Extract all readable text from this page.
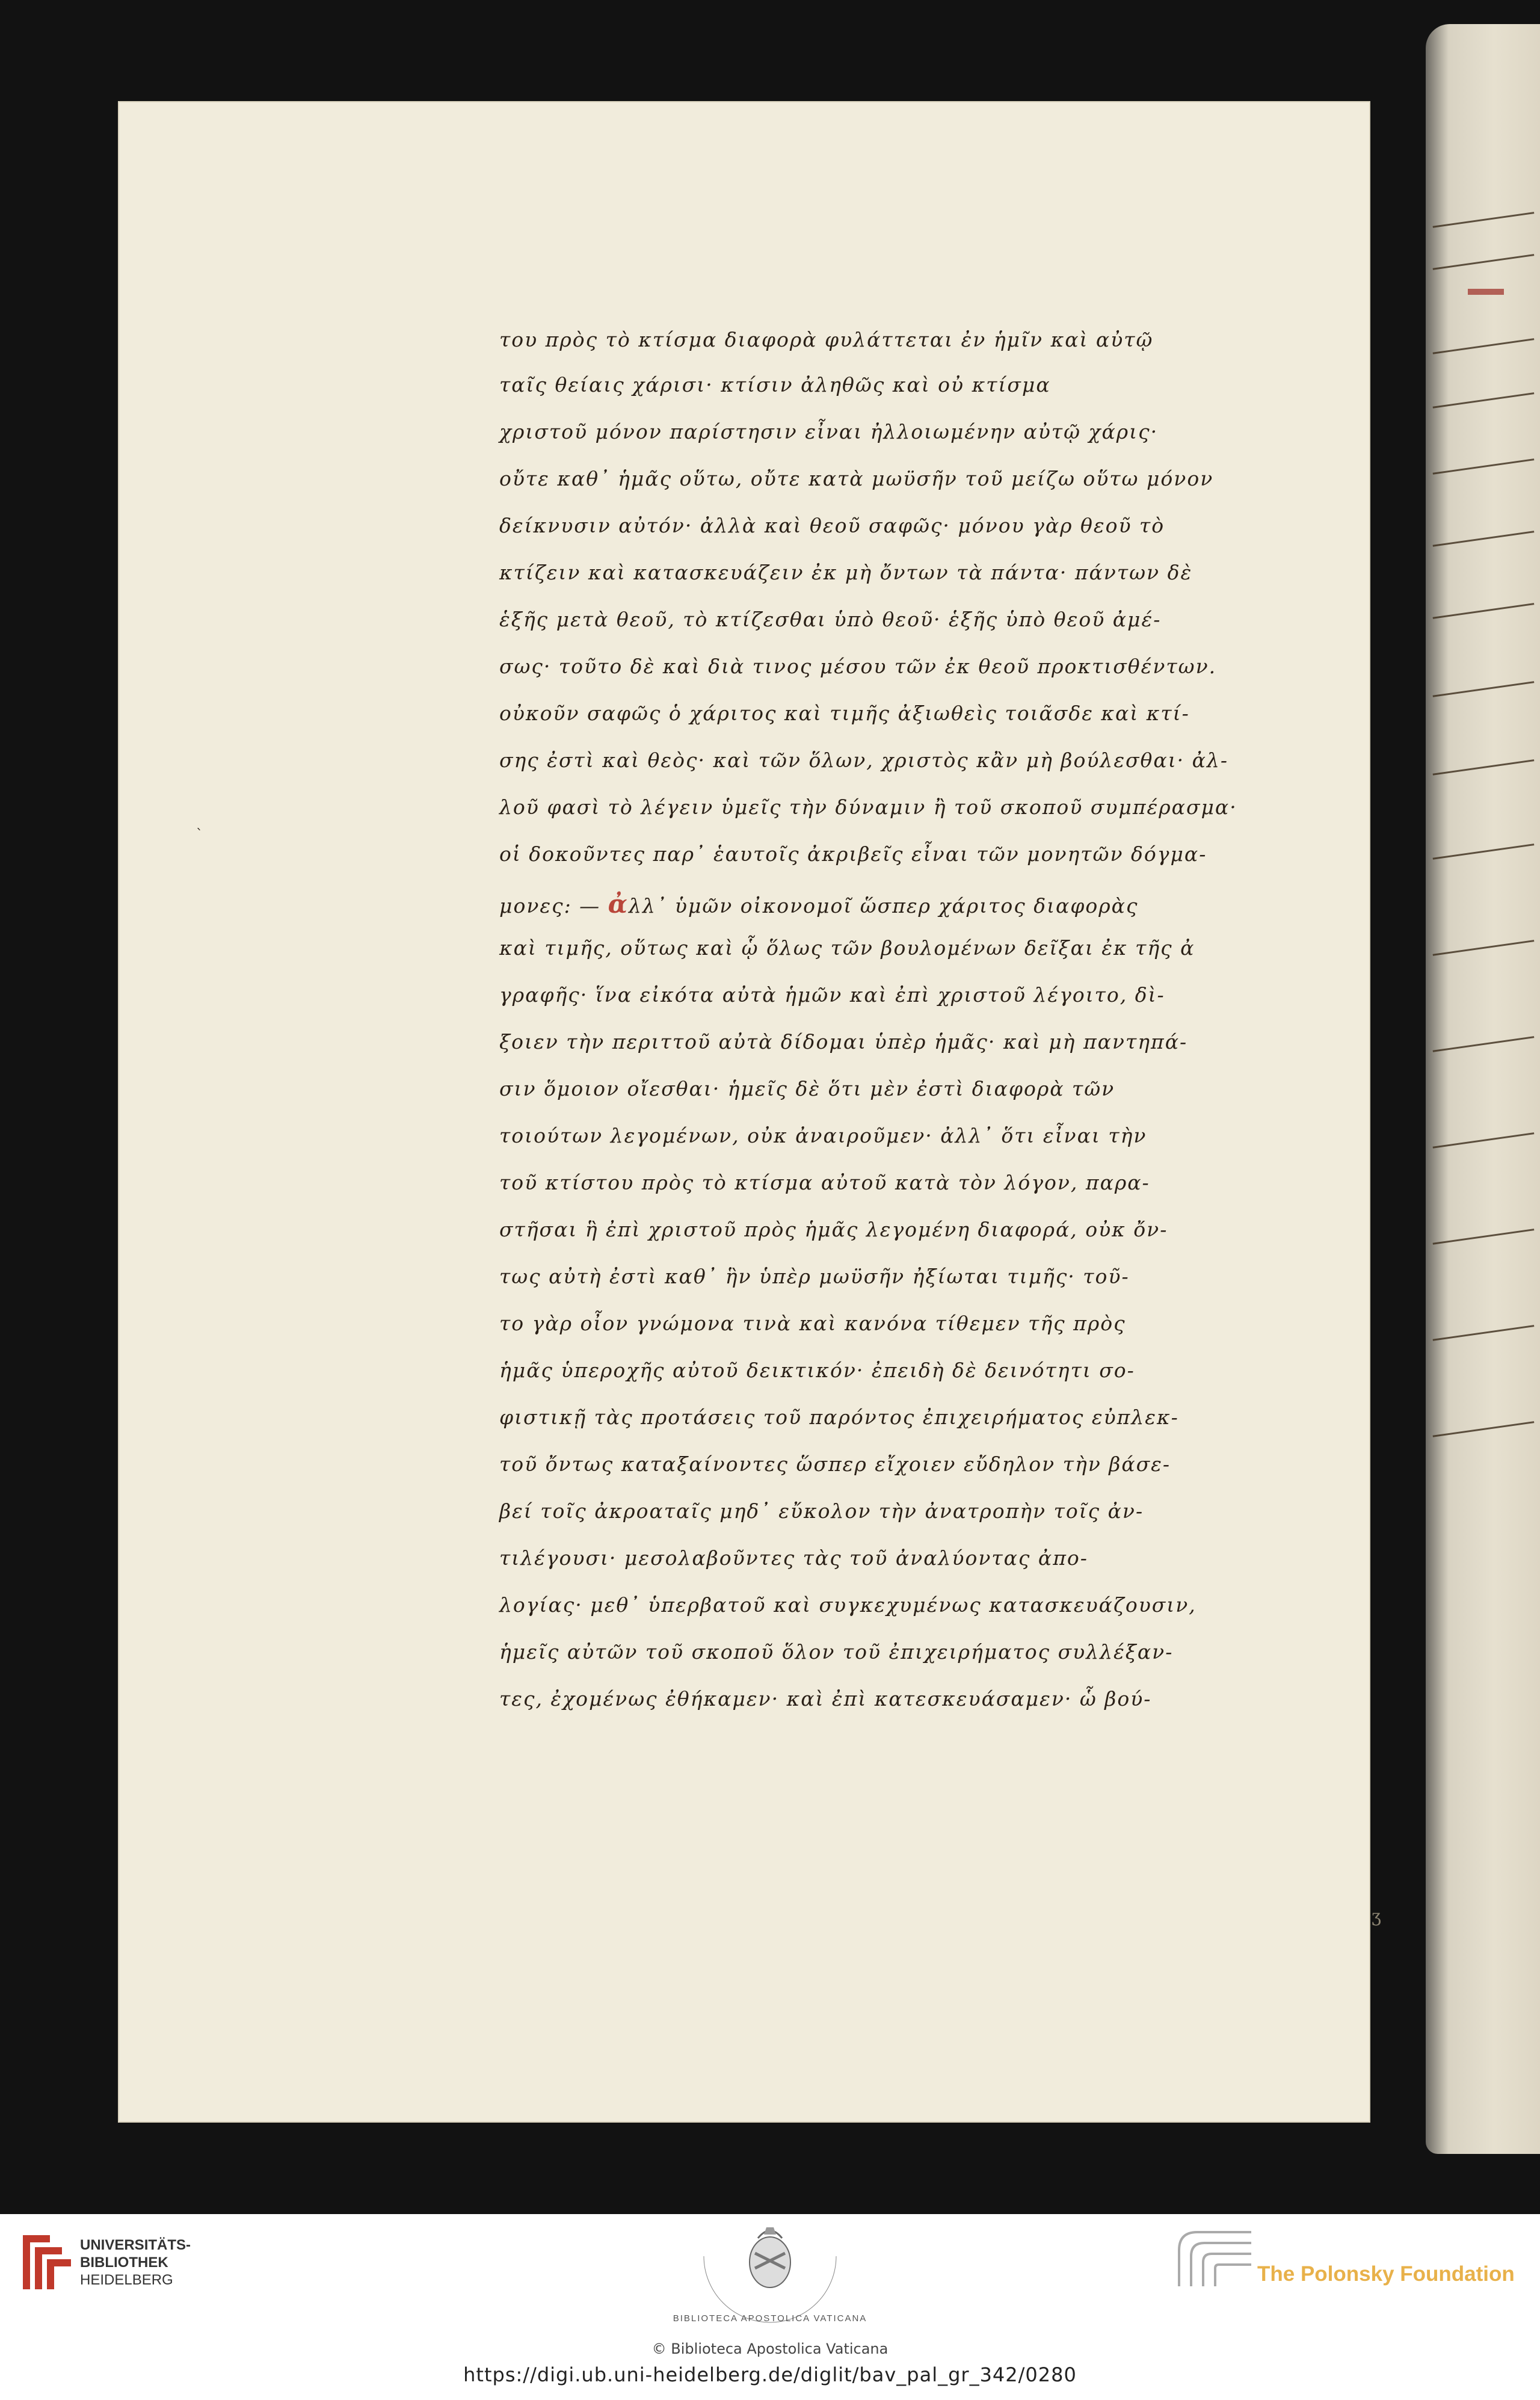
ˋ
του πρὸς τὸ κτίσμα διαφορὰ φυλάττεται ἐν ἡμῖν καὶ αὐτῷ
ταῖς θείαις χάρισι· κτίσιν ἀληθῶς καὶ οὐ κτίσμα
χριστοῦ μόνον παρίστησιν εἶναι ἠλλοιωμένην αὐτῷ χάρις·
οὔτε καθ᾽ ἡμᾶς οὕτω, οὔτε κατὰ μωϋσῆν τοῦ μείζω οὕτω μόνον
δείκνυσιν αὐτόν· ἀλλὰ καὶ θεοῦ σαφῶς· μόνου γὰρ θεοῦ τὸ
κτίζειν καὶ κατασκευάζειν ἐκ μὴ ὄντων τὰ πάντα· πάντων δὲ
ἑξῆς μετὰ θεοῦ, τὸ κτίζεσθαι ὑπὸ θεοῦ· ἑξῆς ὑπὸ θεοῦ ἀμέ-
σως· τοῦτο δὲ καὶ διὰ τινος μέσου τῶν ἐκ θεοῦ προκτισθέντων.
οὐκοῦν σαφῶς ὁ χάριτος καὶ τιμῆς ἀξιωθεὶς τοιᾶσδε καὶ κτί-
σης ἐστὶ καὶ θεὸς· καὶ τῶν ὅλων, χριστὸς κἂν μὴ βούλεσθαι· ἀλ-
λοῦ φασὶ τὸ λέγειν ὑμεῖς τὴν δύναμιν ἢ τοῦ σκοποῦ συμπέρασμα·
οἱ δοκοῦντες παρ᾽ ἑαυτοῖς ἀκριβεῖς εἶναι τῶν μονητῶν δόγμα-
μονες: — ἀλλ᾽ ὑμῶν οἰκονομοῖ ὥσπερ χάριτος διαφορὰς
καὶ τιμῆς, οὕτως καὶ ᾧ ὅλως τῶν βουλομένων δεῖξαι ἐκ τῆς ἀ
γραφῆς· ἵνα εἰκότα αὐτὰ ἡμῶν καὶ ἐπὶ χριστοῦ λέγοιτο, δὶ-
ξοιεν τὴν περιττοῦ αὐτὰ δίδομαι ὑπὲρ ἡμᾶς· καὶ μὴ παντηπά-
σιν ὅμοιον οἴεσθαι· ἡμεῖς δὲ ὅτι μὲν ἐστὶ διαφορὰ τῶν
τοιούτων λεγομένων, οὐκ ἀναιροῦμεν· ἀλλ᾽ ὅτι εἶναι τὴν
τοῦ κτίστου πρὸς τὸ κτίσμα αὐτοῦ κατὰ τὸν λόγον, παρα-
στῆσαι ἣ ἐπὶ χριστοῦ πρὸς ἡμᾶς λεγομένη διαφορά, οὐκ ὄν-
τως αὐτὴ ἐστὶ καθ᾽ ἣν ὑπὲρ μωϋσῆν ἠξίωται τιμῆς· τοῦ-
το γὰρ οἶον γνώμονα τινὰ καὶ κανόνα τίθεμεν τῆς πρὸς
ἡμᾶς ὑπεροχῆς αὐτοῦ δεικτικόν· ἐπειδὴ δὲ δεινότητι σο-
φιστικῇ τὰς προτάσεις τοῦ παρόντος ἐπιχειρήματος εὐπλεκ-
τοῦ ὄντως καταξαίνοντες ὥσπερ εἴχοιεν εὔδηλον τὴν βάσε-
βεί τοῖς ἀκροαταῖς μηδ᾽ εὔκολον τὴν ἀνατροπὴν τοῖς ἀν-
τιλέγουσι· μεσολαβοῦντες τὰς τοῦ ἀναλύοντας ἀπο-
λογίας· μεθ᾽ ὑπερβατοῦ καὶ συγκεχυμένως κατασκευάζουσιν,
ἡμεῖς αὐτῶν τοῦ σκοποῦ ὅλον τοῦ ἐπιχειρήματος συλλέξαν-
τες, ἐχομένως ἐθήκαμεν· καὶ ἐπὶ κατεσκευάσαμεν· ὧ βού-
ʒ
UNIVERSITÄTS-
BIBLIOTHEK
HEIDELBERG
BIBLIOTECA APOSTOLICA VATICANA
The Polonsky Foundation
© Biblioteca Apostolica Vaticana
https://digi.ub.uni-heidelberg.de/diglit/bav_pal_gr_342/0280
